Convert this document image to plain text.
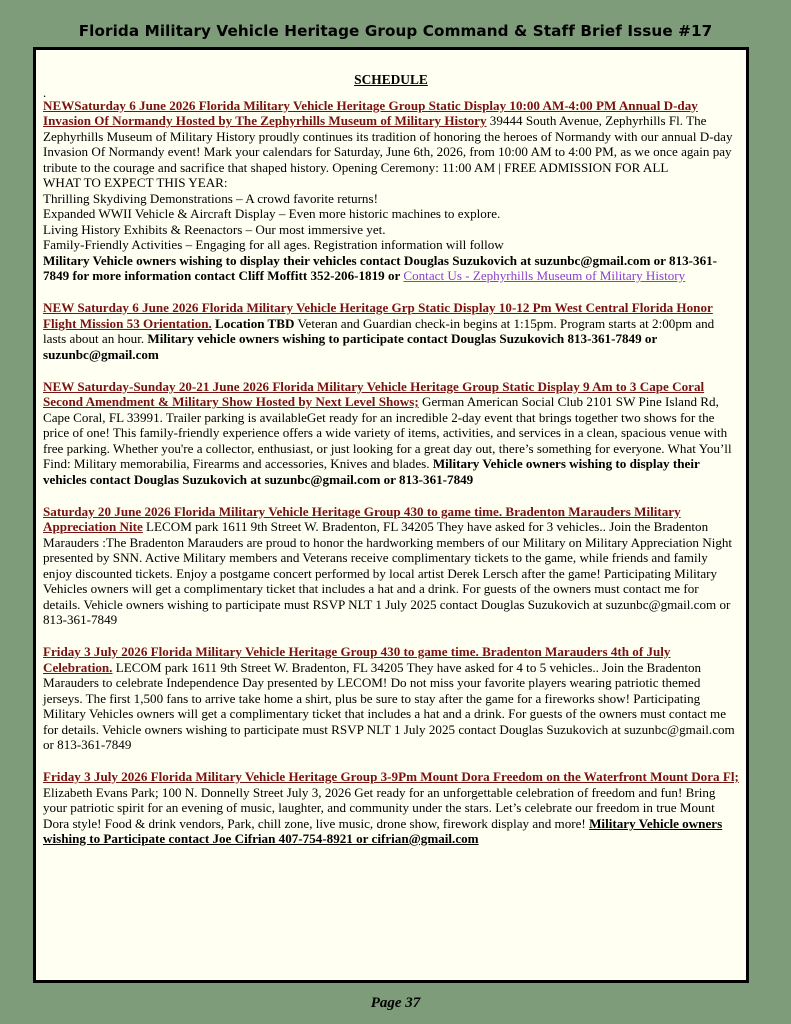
Florida Military Vehicle Heritage Group Command & Staff Brief Issue #17
SCHEDULE
.
NEWSaturday 6 June 2026 Florida Military Vehicle Heritage Group Static Display 10:00 AM-4:00 PM Annual D-day Invasion Of Normandy Hosted by The Zephyrhills Museum of Military History 39444 South Avenue, Zephyrhills Fl. The Zephyrhills Museum of Military History proudly continues its tradition of honoring the heroes of Normandy with our annual D-day Invasion Of Normandy event! Mark your calendars for Saturday, June 6th, 2026, from 10:00 AM to 4:00 PM, as we once again pay tribute to the courage and sacrifice that shaped history. Opening Ceremony: 11:00 AM | FREE ADMISSION FOR ALL
WHAT TO EXPECT THIS YEAR:
Thrilling Skydiving Demonstrations – A crowd favorite returns!
Expanded WWII Vehicle & Aircraft Display – Even more historic machines to explore.
Living History Exhibits & Reenactors – Our most immersive yet.
Family-Friendly Activities – Engaging for all ages. Registration information will follow
Military Vehicle owners wishing to display their vehicles contact Douglas Suzukovich at suzunbc@gmail.com or 813-361-7849 for more information contact Cliff Moffitt 352-206-1819 or Contact Us - Zephyrhills Museum of Military History
NEW Saturday 6 June 2026 Florida Military Vehicle Heritage Grp Static Display 10-12 Pm West Central Florida Honor Flight Mission 53 Orientation. Location TBD Veteran and Guardian check-in begins at 1:15pm. Program starts at 2:00pm and lasts about an hour. Military vehicle owners wishing to participate contact Douglas Suzukovich 813-361-7849 or suzunbc@gmail.com
NEW Saturday-Sunday 20-21 June 2026 Florida Military Vehicle Heritage Group Static Display 9 Am to 3 Cape Coral Second Amendment & Military Show Hosted by Next Level Shows; German American Social Club 2101 SW Pine Island Rd, Cape Coral, FL 33991. Trailer parking is availableGet ready for an incredible 2-day event that brings together two shows for the price of one! This family-friendly experience offers a wide variety of items, activities, and services in a clean, spacious venue with free parking. Whether you're a collector, enthusiast, or just looking for a great day out, there’s something for everyone. What You’ll Find: Military memorabilia, Firearms and accessories, Knives and blades. Military Vehicle owners wishing to display their vehicles contact Douglas Suzukovich at suzunbc@gmail.com or 813-361-7849
Saturday 20 June 2026 Florida Military Vehicle Heritage Group 430 to game time. Bradenton Marauders Military Appreciation Nite LECOM park 1611 9th Street W. Bradenton, FL 34205 They have asked for 3 vehicles.. Join the Bradenton Marauders :The Bradenton Marauders are proud to honor the hardworking members of our Military on Military Appreciation Night presented by SNN. Active Military members and Veterans receive complimentary tickets to the game, while friends and family enjoy discounted tickets. Enjoy a postgame concert performed by local artist Derek Lersch after the game! Participating Military Vehicles owners will get a complimentary ticket that includes a hat and a drink. For guests of the owners must contact me for details. Vehicle owners wishing to participate must RSVP NLT 1 July 2025 contact Douglas Suzukovich at suzunbc@gmail.com or 813-361-7849
Friday 3 July 2026 Florida Military Vehicle Heritage Group 430 to game time. Bradenton Marauders 4th of July Celebration. LECOM park 1611 9th Street W. Bradenton, FL 34205 They have asked for 4 to 5 vehicles.. Join the Bradenton Marauders to celebrate Independence Day presented by LECOM! Do not miss your favorite players wearing patriotic themed jerseys. The first 1,500 fans to arrive take home a shirt, plus be sure to stay after the game for a fireworks show! Participating Military Vehicles owners will get a complimentary ticket that includes a hat and a drink. For guests of the owners must contact me for details. Vehicle owners wishing to participate must RSVP NLT 1 July 2025 contact Douglas Suzukovich at suzunbc@gmail.com or 813-361-7849
Friday 3 July 2026 Florida Military Vehicle Heritage Group 3-9Pm Mount Dora Freedom on the Waterfront Mount Dora Fl; Elizabeth Evans Park; 100 N. Donnelly Street July 3, 2026 Get ready for an unforgettable celebration of freedom and fun! Bring your patriotic spirit for an evening of music, laughter, and community under the stars. Let’s celebrate our freedom in true Mount Dora style! Food & drink vendors, Park, chill zone, live music, drone show, firework display and more! Military Vehicle owners wishing to Participate contact Joe Cifrian 407-754-8921 or cifrian@gmail.com
Page 37
